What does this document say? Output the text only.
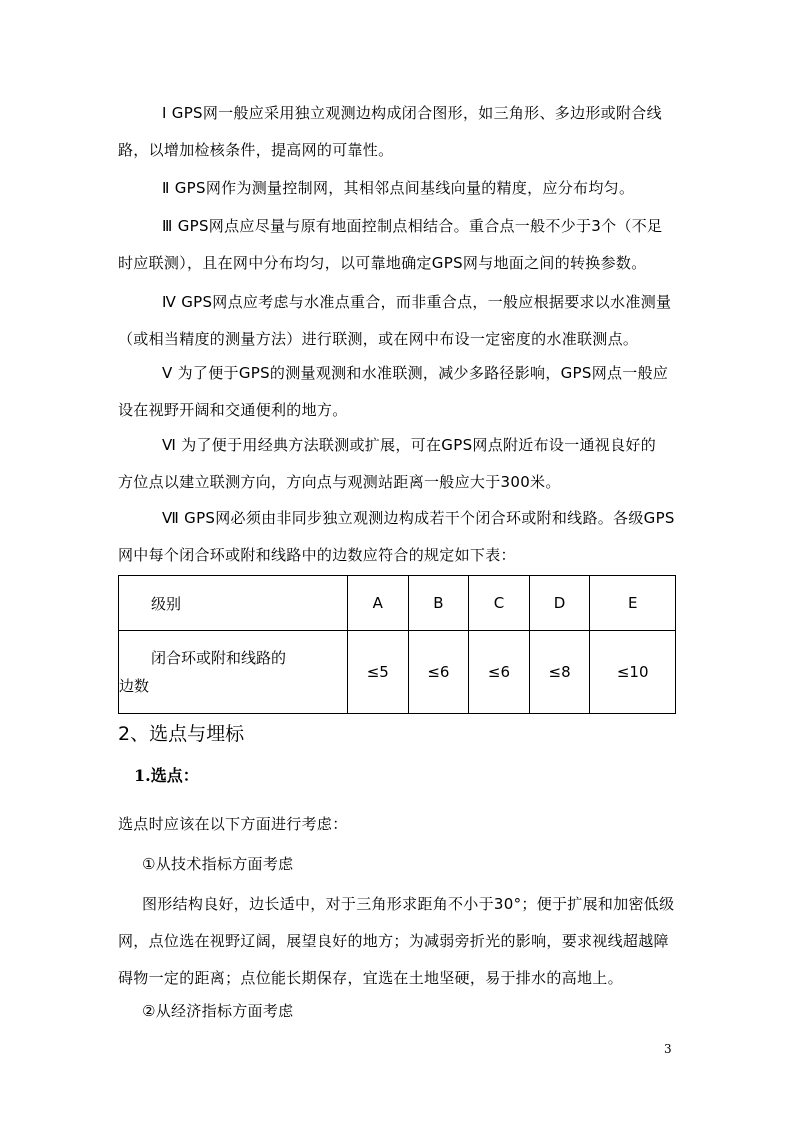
Ⅰ GPS网一般应采用独立观测边构成闭合图形，如三角形、多边形或附合线
路，以增加检核条件，提高网的可靠性。
Ⅱ GPS网作为测量控制网，其相邻点间基线向量的精度，应分布均匀。
Ⅲ GPS网点应尽量与原有地面控制点相结合。重合点一般不少于3个（不足
时应联测），且在网中分布均匀，以可靠地确定GPS网与地面之间的转换参数。
Ⅳ GPS网点应考虑与水准点重合，而非重合点，一般应根据要求以水准测量
（或相当精度的测量方法）进行联测，或在网中布设一定密度的水准联测点。
Ⅴ 为了便于GPS的测量观测和水准联测，减少多路径影响，GPS网点一般应
设在视野开阔和交通便利的地方。
Ⅵ 为了便于用经典方法联测或扩展，可在GPS网点附近布设一通视良好的
方位点以建立联测方向，方向点与观测站距离一般应大于300米。
Ⅶ GPS网必须由非同步独立观测边构成若干个闭合环或附和线路。各级GPS
网中每个闭合环或附和线路中的边数应符合的规定如下表：
级别	A	B	C	D	E

闭合环或附和线路的
边数	≤5	≤6	≤6	≤8	≤10
2、选点与埋标
1.选点：
选点时应该在以下方面进行考虑：
①从技术指标方面考虑
图形结构良好，边长适中，对于三角形求距角不小于30°；便于扩展和加密低级
网，点位选在视野辽阔，展望良好的地方；为减弱旁折光的影响，要求视线超越障
碍物一定的距离；点位能长期保存，宜选在土地坚硬，易于排水的高地上。
②从经济指标方面考虑
3
